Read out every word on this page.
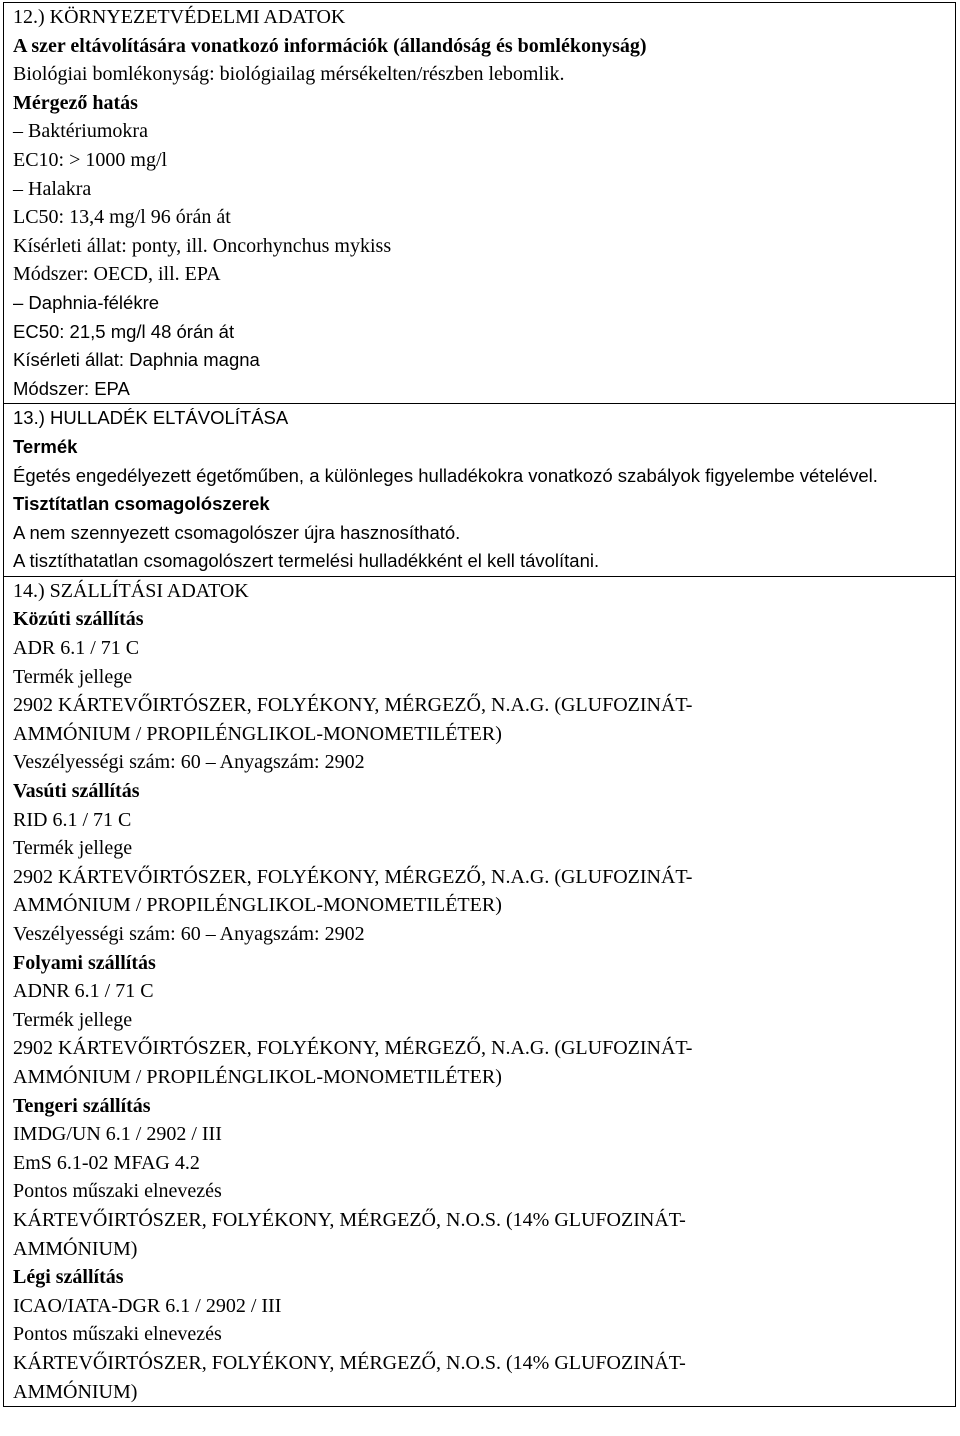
12.) KÖRNYEZETVÉDELMI ADATOK
A szer eltávolítására vonatkozó információk (állandóság és bomlékonyság)
Biológiai bomlékonyság: biológiailag mérsékelten/részben lebomlik.
Mérgező hatás
– Baktériumokra
EC10: > 1000 mg/l
– Halakra
LC50: 13,4 mg/l 96 órán át
Kísérleti állat: ponty, ill. Oncorhynchus mykiss
Módszer: OECD, ill. EPA
– Daphnia-félékre
EC50: 21,5 mg/l 48 órán át
Kísérleti állat: Daphnia magna
Módszer: EPA
13.) HULLADÉK ELTÁVOLÍTÁSA
Termék
Égetés engedélyezett égetőműben, a különleges hulladékokra vonatkozó szabályok figyelembe vételével.
Tisztítatlan csomagolószerek
A nem szennyezett csomagolószer újra hasznosítható.
A tisztíthatatlan csomagolószert termelési hulladékként el kell távolítani.
14.) SZÁLLÍTÁSI ADATOK
Közúti szállítás
ADR 6.1 / 71 C
Termék jellege
2902 KÁRTEVŐIRTÓSZER, FOLYÉKONY, MÉRGEZŐ, N.A.G. (GLUFOZINÁT-
AMMÓNIUM / PROPILÉNGLIKOL-MONOMETILÉTER)
Veszélyességi szám: 60 – Anyagszám: 2902
Vasúti szállítás
RID 6.1 / 71 C
Termék jellege
2902 KÁRTEVŐIRTÓSZER, FOLYÉKONY, MÉRGEZŐ, N.A.G. (GLUFOZINÁT-
AMMÓNIUM / PROPILÉNGLIKOL-MONOMETILÉTER)
Veszélyességi szám: 60 – Anyagszám: 2902
Folyami szállítás
ADNR 6.1 / 71 C
Termék jellege
2902 KÁRTEVŐIRTÓSZER, FOLYÉKONY, MÉRGEZŐ, N.A.G. (GLUFOZINÁT-
AMMÓNIUM / PROPILÉNGLIKOL-MONOMETILÉTER)
Tengeri szállítás
IMDG/UN 6.1 / 2902 / III
EmS 6.1-02 MFAG 4.2
Pontos műszaki elnevezés
KÁRTEVŐIRTÓSZER, FOLYÉKONY, MÉRGEZŐ, N.O.S. (14% GLUFOZINÁT-
AMMÓNIUM)
Légi szállítás
ICAO/IATA-DGR 6.1 / 2902 / III
Pontos műszaki elnevezés
KÁRTEVŐIRTÓSZER, FOLYÉKONY, MÉRGEZŐ, N.O.S. (14% GLUFOZINÁT-
AMMÓNIUM)
